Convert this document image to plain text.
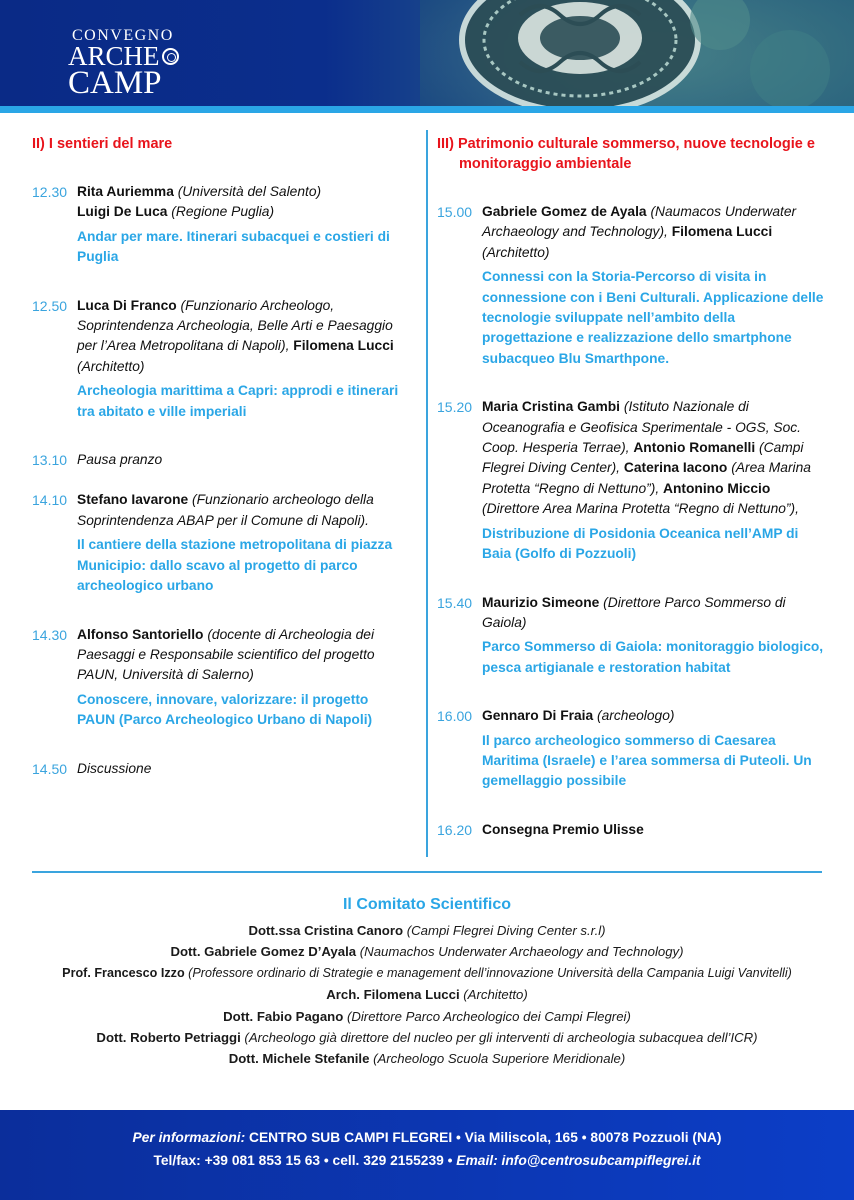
CONVEGNO
ARCHE
CAMP
II) I sentieri del mare
12.30 Rita Auriemma (Università del Salento)

Luigi De Luca (Regione Puglia)

Andar per mare. Itinerari subacquei e costieri di Puglia

12.50 Luca Di Franco (Funzionario Archeologo, Soprintendenza Archeologia, Belle Arti e Paesaggio per l’Area Metropolitana di Napoli), Filomena Lucci (Architetto)

Archeologia marittima a Capri: approdi e itinerari tra abitato e ville imperiali

13.10 Pausa pranzo

14.10 Stefano Iavarone (Funzionario archeologo della Soprintendenza ABAP per il Comune di Napoli).

Il cantiere della stazione metropolitana di piazza Municipio: dallo scavo al progetto di parco archeologico urbano

14.30 Alfonso Santoriello (docente di Archeologia dei Paesaggi e Responsabile scientifico del progetto PAUN, Università di Salerno)

Conoscere, innovare, valorizzare: il progetto PAUN (Parco Archeologico Urbano di Napoli)

14.50 Discussione

III) Patrimonio culturale sommerso, nuove tecnologie e monitoraggio ambientale
15.00 Gabriele Gomez de Ayala (Naumacos Underwater Archaeology and Technology), Filomena Lucci (Architetto)

Connessi con la Storia-Percorso di visita in connessione con i Beni Culturali. Applicazione delle tecnologie sviluppate nell’ambito della progettazione e realizzazione dello smartphone subacqueo Blu Smarthpone.

15.20 Maria Cristina Gambi (Istituto Nazionale di Oceanografia e Geofisica Sperimentale - OGS, Soc. Coop. Hesperia Terrae), Antonio Romanelli (Campi Flegrei Diving Center), Caterina Iacono (Area Marina Protetta “Regno di Nettuno”), Antonino Miccio (Direttore Area Marina Protetta “Regno di Nettuno”),

Distribuzione di Posidonia Oceanica nell’AMP di Baia (Golfo di Pozzuoli)

15.40 Maurizio Simeone (Direttore Parco Sommerso di Gaiola)

Parco Sommerso di Gaiola: monitoraggio biologico, pesca artigianale e restoration habitat

16.00 Gennaro Di Fraia (archeologo)

Il parco archeologico sommerso di Caesarea Maritima (Israele) e l’area sommersa di Puteoli. Un gemellaggio possibile

16.20 Consegna Premio Ulisse

Il Comitato Scientifico
Dott.ssa Cristina Canoro (Campi Flegrei Diving Center s.r.l)
Dott. Gabriele Gomez D’Ayala (Naumachos Underwater Archaeology and Technology)
Prof. Francesco Izzo (Professore ordinario di Strategie e management dell’innovazione Università della Campania Luigi Vanvitelli)
Arch. Filomena Lucci (Architetto)
Dott. Fabio Pagano (Direttore Parco Archeologico dei Campi Flegrei)
Dott. Roberto Petriaggi (Archeologo già direttore del nucleo per gli interventi di archeologia subacquea dell’ICR)
Dott. Michele Stefanile (Archeologo Scuola Superiore Meridionale)
Per informazioni: CENTRO SUB CAMPI FLEGREI • Via Miliscola, 165 • 80078 Pozzuoli (NA)
Tel/fax: +39 081 853 15 63 • cell. 329 2155239 • Email: info@centrosubcampiflegrei.it
